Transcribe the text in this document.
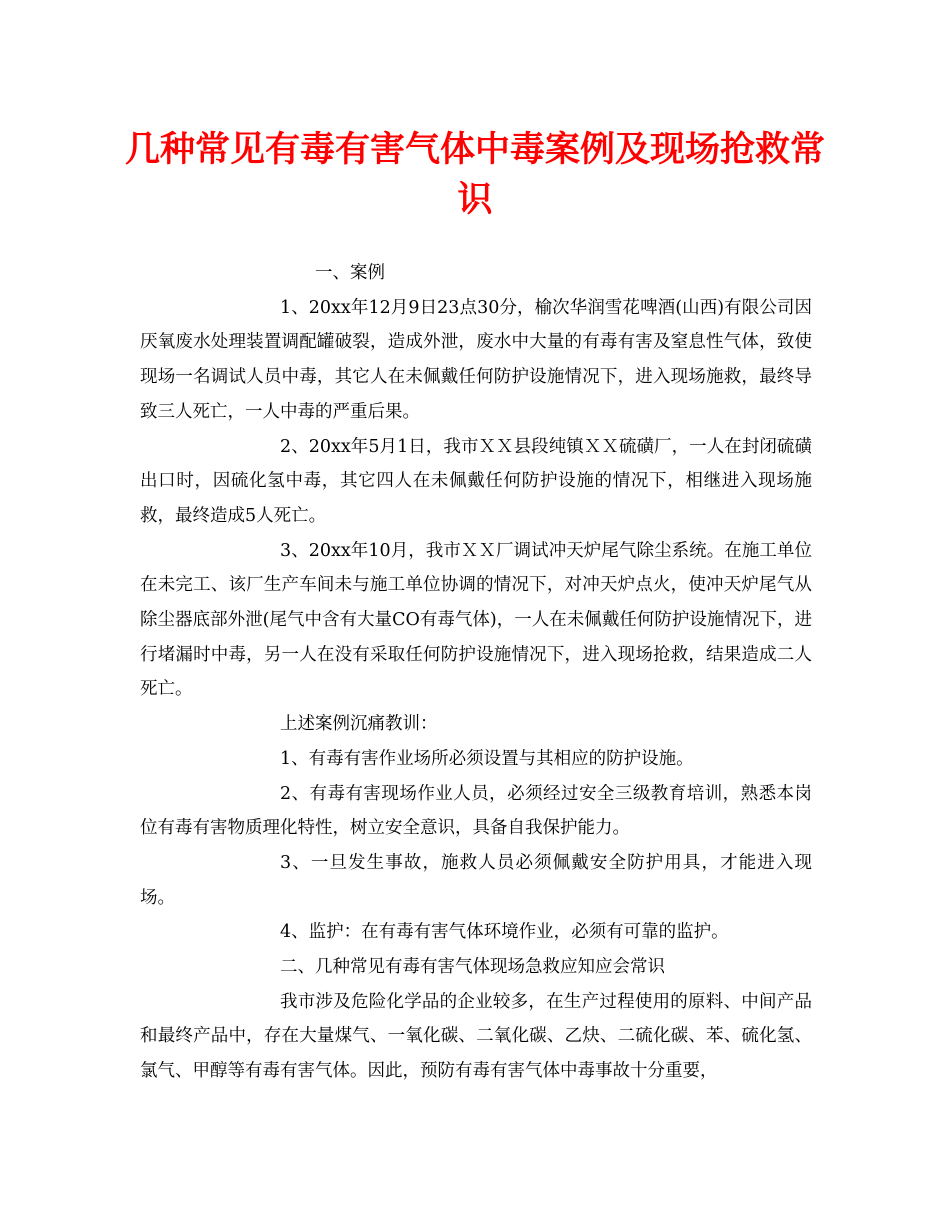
几种常见有毒有害气体中毒案例及现场抢救常识

一、案例

1、20xx年12月9日23点30分，榆次华润雪花啤酒(山西)有限公司因厌氧废水处理装置调配罐破裂，造成外泄，废水中大量的有毒有害及窒息性气体，致使现场一名调试人员中毒，其它人在未佩戴任何防护设施情况下，进入现场施救，最终导致三人死亡，一人中毒的严重后果。

2、20xx年5月1日，我市ＸＸ县段纯镇ＸＸ硫磺厂，一人在封闭硫磺出口时，因硫化氢中毒，其它四人在未佩戴任何防护设施的情况下，相继进入现场施救，最终造成5人死亡。

3、20xx年10月，我市ＸＸ厂调试冲天炉尾气除尘系统。在施工单位在未完工、该厂生产车间未与施工单位协调的情况下，对冲天炉点火，使冲天炉尾气从除尘器底部外泄(尾气中含有大量CO有毒气体)，一人在未佩戴任何防护设施情况下，进行堵漏时中毒，另一人在没有采取任何防护设施情况下，进入现场抢救，结果造成二人死亡。

上述案例沉痛教训：

1、有毒有害作业场所必须设置与其相应的防护设施。

2、有毒有害现场作业人员，必须经过安全三级教育培训，熟悉本岗位有毒有害物质理化特性，树立安全意识，具备自我保护能力。

3、一旦发生事故，施救人员必须佩戴安全防护用具，才能进入现场。

4、监护：在有毒有害气体环境作业，必须有可靠的监护。

二、几种常见有毒有害气体现场急救应知应会常识

我市涉及危险化学品的企业较多，在生产过程使用的原料、中间产品和最终产品中，存在大量煤气、一氧化碳、二氧化碳、乙炔、二硫化碳、苯、硫化氢、氯气、甲醇等有毒有害气体。因此，预防有毒有害气体中毒事故十分重要，
